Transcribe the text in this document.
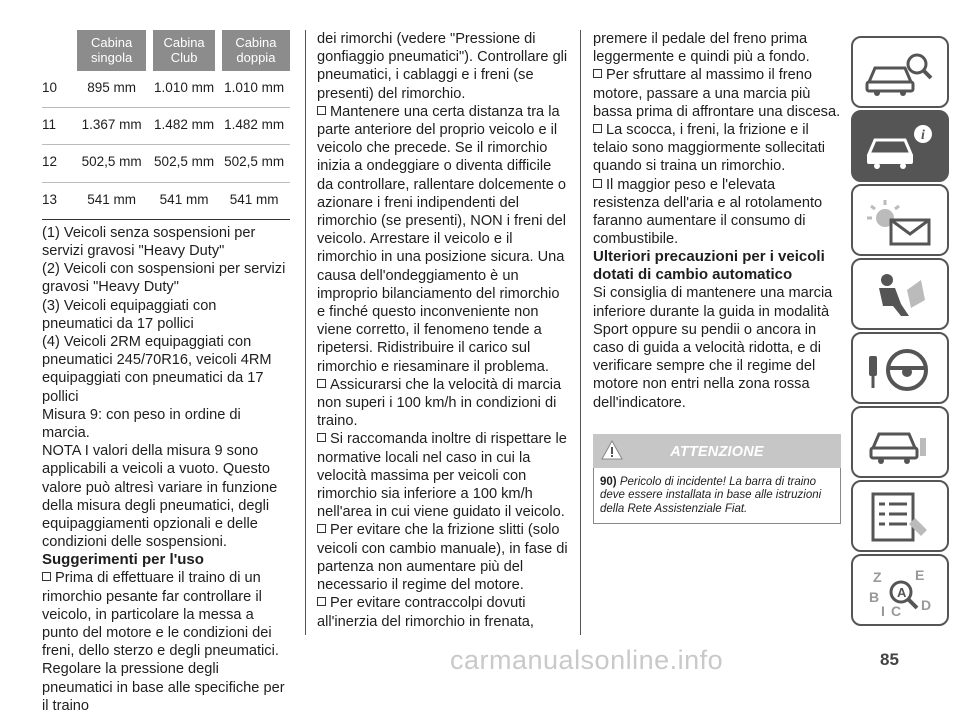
	Cabina singola	Cabina Club	Cabina doppia
10	895 mm	1.010 mm	1.010 mm
11	1.367 mm	1.482 mm	1.482 mm
12	502,5 mm	502,5 mm	502,5 mm
13	541 mm	541 mm	541 mm

(1) Veicoli senza sospensioni per servizi gravosi "Heavy Duty"

(2) Veicoli con sospensioni per servizi gravosi "Heavy Duty"

(3) Veicoli equipaggiati con pneumatici da 17 pollici

(4) Veicoli 2RM equipaggiati con pneumatici 245/70R16, veicoli 4RM equipaggiati con pneumatici da 17 pollici

Misura 9: con peso in ordine di marcia.

NOTA I valori della misura 9 sono applicabili a veicoli a vuoto. Questo valore può altresì variare in funzione della misura degli pneumatici, degli equipaggiamenti opzionali e delle condizioni delle sospensioni.

Suggerimenti per l'uso

Prima di effettuare il traino di un rimorchio pesante far controllare il veicolo, in particolare la messa a punto del motore e le condizioni dei freni, dello sterzo e degli pneumatici. Regolare la pressione degli pneumatici in base alle specifiche per il traino

dei rimorchi (vedere "Pressione di gonfiaggio pneumatici"). Controllare gli pneumatici, i cablaggi e i freni (se presenti) del rimorchio.

Mantenere una certa distanza tra la parte anteriore del proprio veicolo e il veicolo che precede. Se il rimorchio inizia a ondeggiare o diventa difficile da controllare, rallentare dolcemente o azionare i freni indipendenti del rimorchio (se presenti), NON i freni del veicolo. Arrestare il veicolo e il rimorchio in una posizione sicura. Una causa dell'ondeggiamento è un improprio bilanciamento del rimorchio e finché questo inconveniente non viene corretto, il fenomeno tende a ripetersi. Ridistribuire il carico sul rimorchio e riesaminare il problema.

Assicurarsi che la velocità di marcia non superi i 100 km/h in condizioni di traino.

Si raccomanda inoltre di rispettare le normative locali nel caso in cui la velocità massima per veicoli con rimorchio sia inferiore a 100 km/h nell'area in cui viene guidato il veicolo.

Per evitare che la frizione slitti (solo veicoli con cambio manuale), in fase di partenza non aumentare più del necessario il regime del motore.

Per evitare contraccolpi dovuti all'inerzia del rimorchio in frenata,

premere il pedale del freno prima leggermente e quindi più a fondo.

Per sfruttare al massimo il freno motore, passare a una marcia più bassa prima di affrontare una discesa.

La scocca, i freni, la frizione e il telaio sono maggiormente sollecitati quando si traina un rimorchio.

Il maggior peso e l'elevata resistenza dell'aria e al rotolamento faranno aumentare il consumo di combustibile.

Ulteriori precauzioni per i veicoli dotati di cambio automatico

Si consiglia di mantenere una marcia inferiore durante la guida in modalità Sport oppure su pendii o ancora in caso di guida a velocità ridotta, e di verificare sempre che il regime del motore non entri nella zona rossa dell'indicatore.

ATTENZIONE
90) Pericolo di incidente! La barra di traino deve essere installata in base alle istruzioni della Rete Assistenziale Fiat.
i
Z E
B
I C D
A
85
carmanualsonline.info
